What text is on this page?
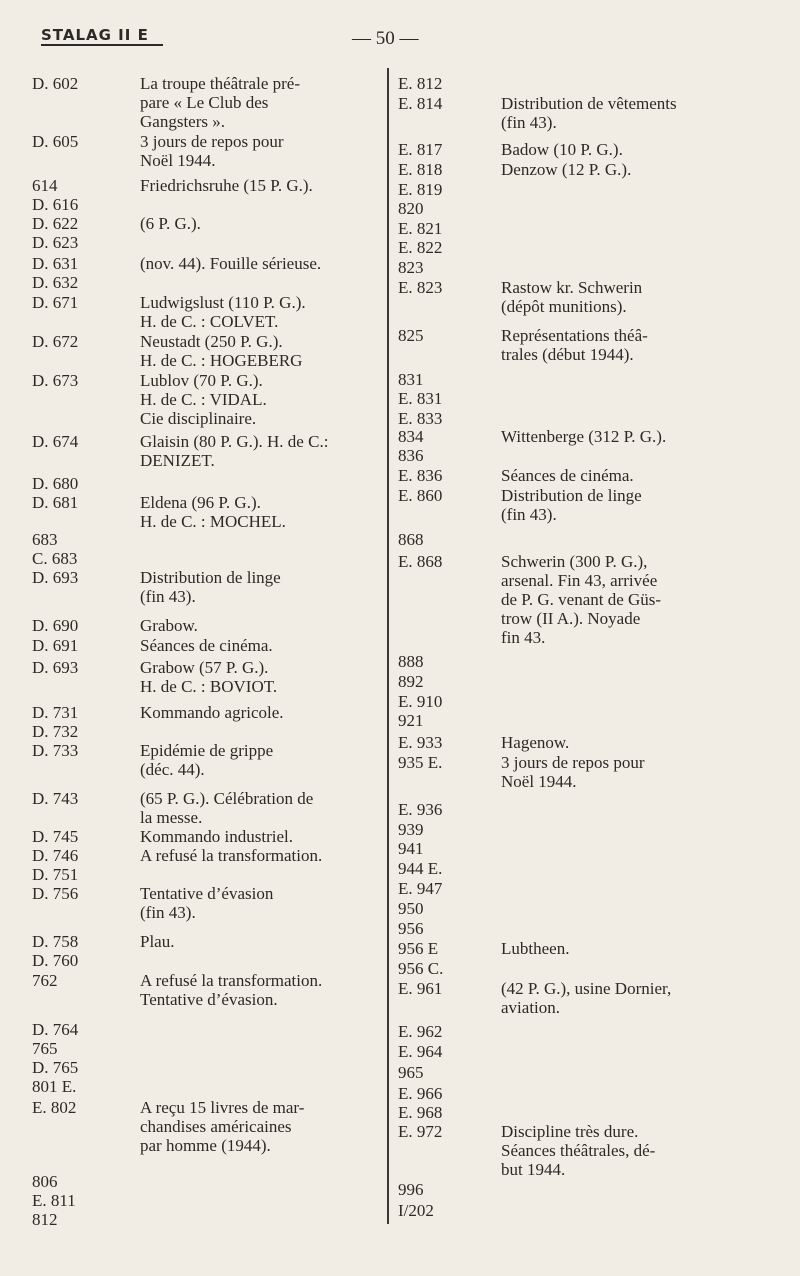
STALAG II E	— 50 —
D. 602	La troupe théâtrale pré-
pare « Le Club des
Gangsters ».
D. 605	3 jours de repos pour
Noël 1944.
614	Friedrichsruhe (15 P. G.).
D. 616
D. 622	(6 P. G.).
D. 623
D. 631	(nov. 44). Fouille sérieuse.
D. 632
D. 671	Ludwigslust (110 P. G.).
H. de C. : COLVET.
D. 672	Neustadt (250 P. G.).
H. de C. : HOGEBERG
D. 673	Lublov (70 P. G.).
H. de C. : VIDAL.
Cie disciplinaire.
D. 674	Glaisin (80 P. G.). H. de C.:
DENIZET.
D. 680
D. 681	Eldena (96 P. G.).
H. de C. : MOCHEL.
683
C. 683
D. 693	Distribution de linge
(fin 43).
D. 690	Grabow.
D. 691	Séances de cinéma.
D. 693	Grabow (57 P. G.).
H. de C. : BOVIOT.
D. 731	Kommando agricole.
D. 732
D. 733	Epidémie de grippe
(déc. 44).
D. 743	(65 P. G.). Célébration de
la messe.
D. 745	Kommando industriel.
D. 746	A refusé la transformation.
D. 751
D. 756	Tentative d’évasion
(fin 43).
D. 758	Plau.
D. 760
762	A refusé la transformation.
Tentative d’évasion.
D. 764
765
D. 765
801 E.
E. 802	A reçu 15 livres de mar-
chandises américaines
par homme (1944).
806
E. 811
812
E. 812
E. 814	Distribution de vêtements
(fin 43).
E. 817	Badow (10 P. G.).
E. 818	Denzow (12 P. G.).
E. 819
820
E. 821
E. 822
823
E. 823	Rastow kr. Schwerin
(dépôt munitions).
825	Représentations théâ-
trales (début 1944).
831
E. 831
E. 833
834	Wittenberge (312 P. G.).
836
E. 836	Séances de cinéma.
E. 860	Distribution de linge
(fin 43).
868
E. 868	Schwerin (300 P. G.),
arsenal. Fin 43, arrivée
de P. G. venant de Güs-
trow (II A.). Noyade
fin 43.
888
892
E. 910
921
E. 933	Hagenow.
935 E.	3 jours de repos pour
Noël 1944.
E. 936
939
941
944 E.
E. 947
950
956
956 E	Lubtheen.
956 C.
E. 961	(42 P. G.), usine Dornier,
aviation.
E. 962
E. 964
965
E. 966
E. 968
E. 972	Discipline très dure.
Séances théâtrales, dé-
but 1944.
996
I/202
